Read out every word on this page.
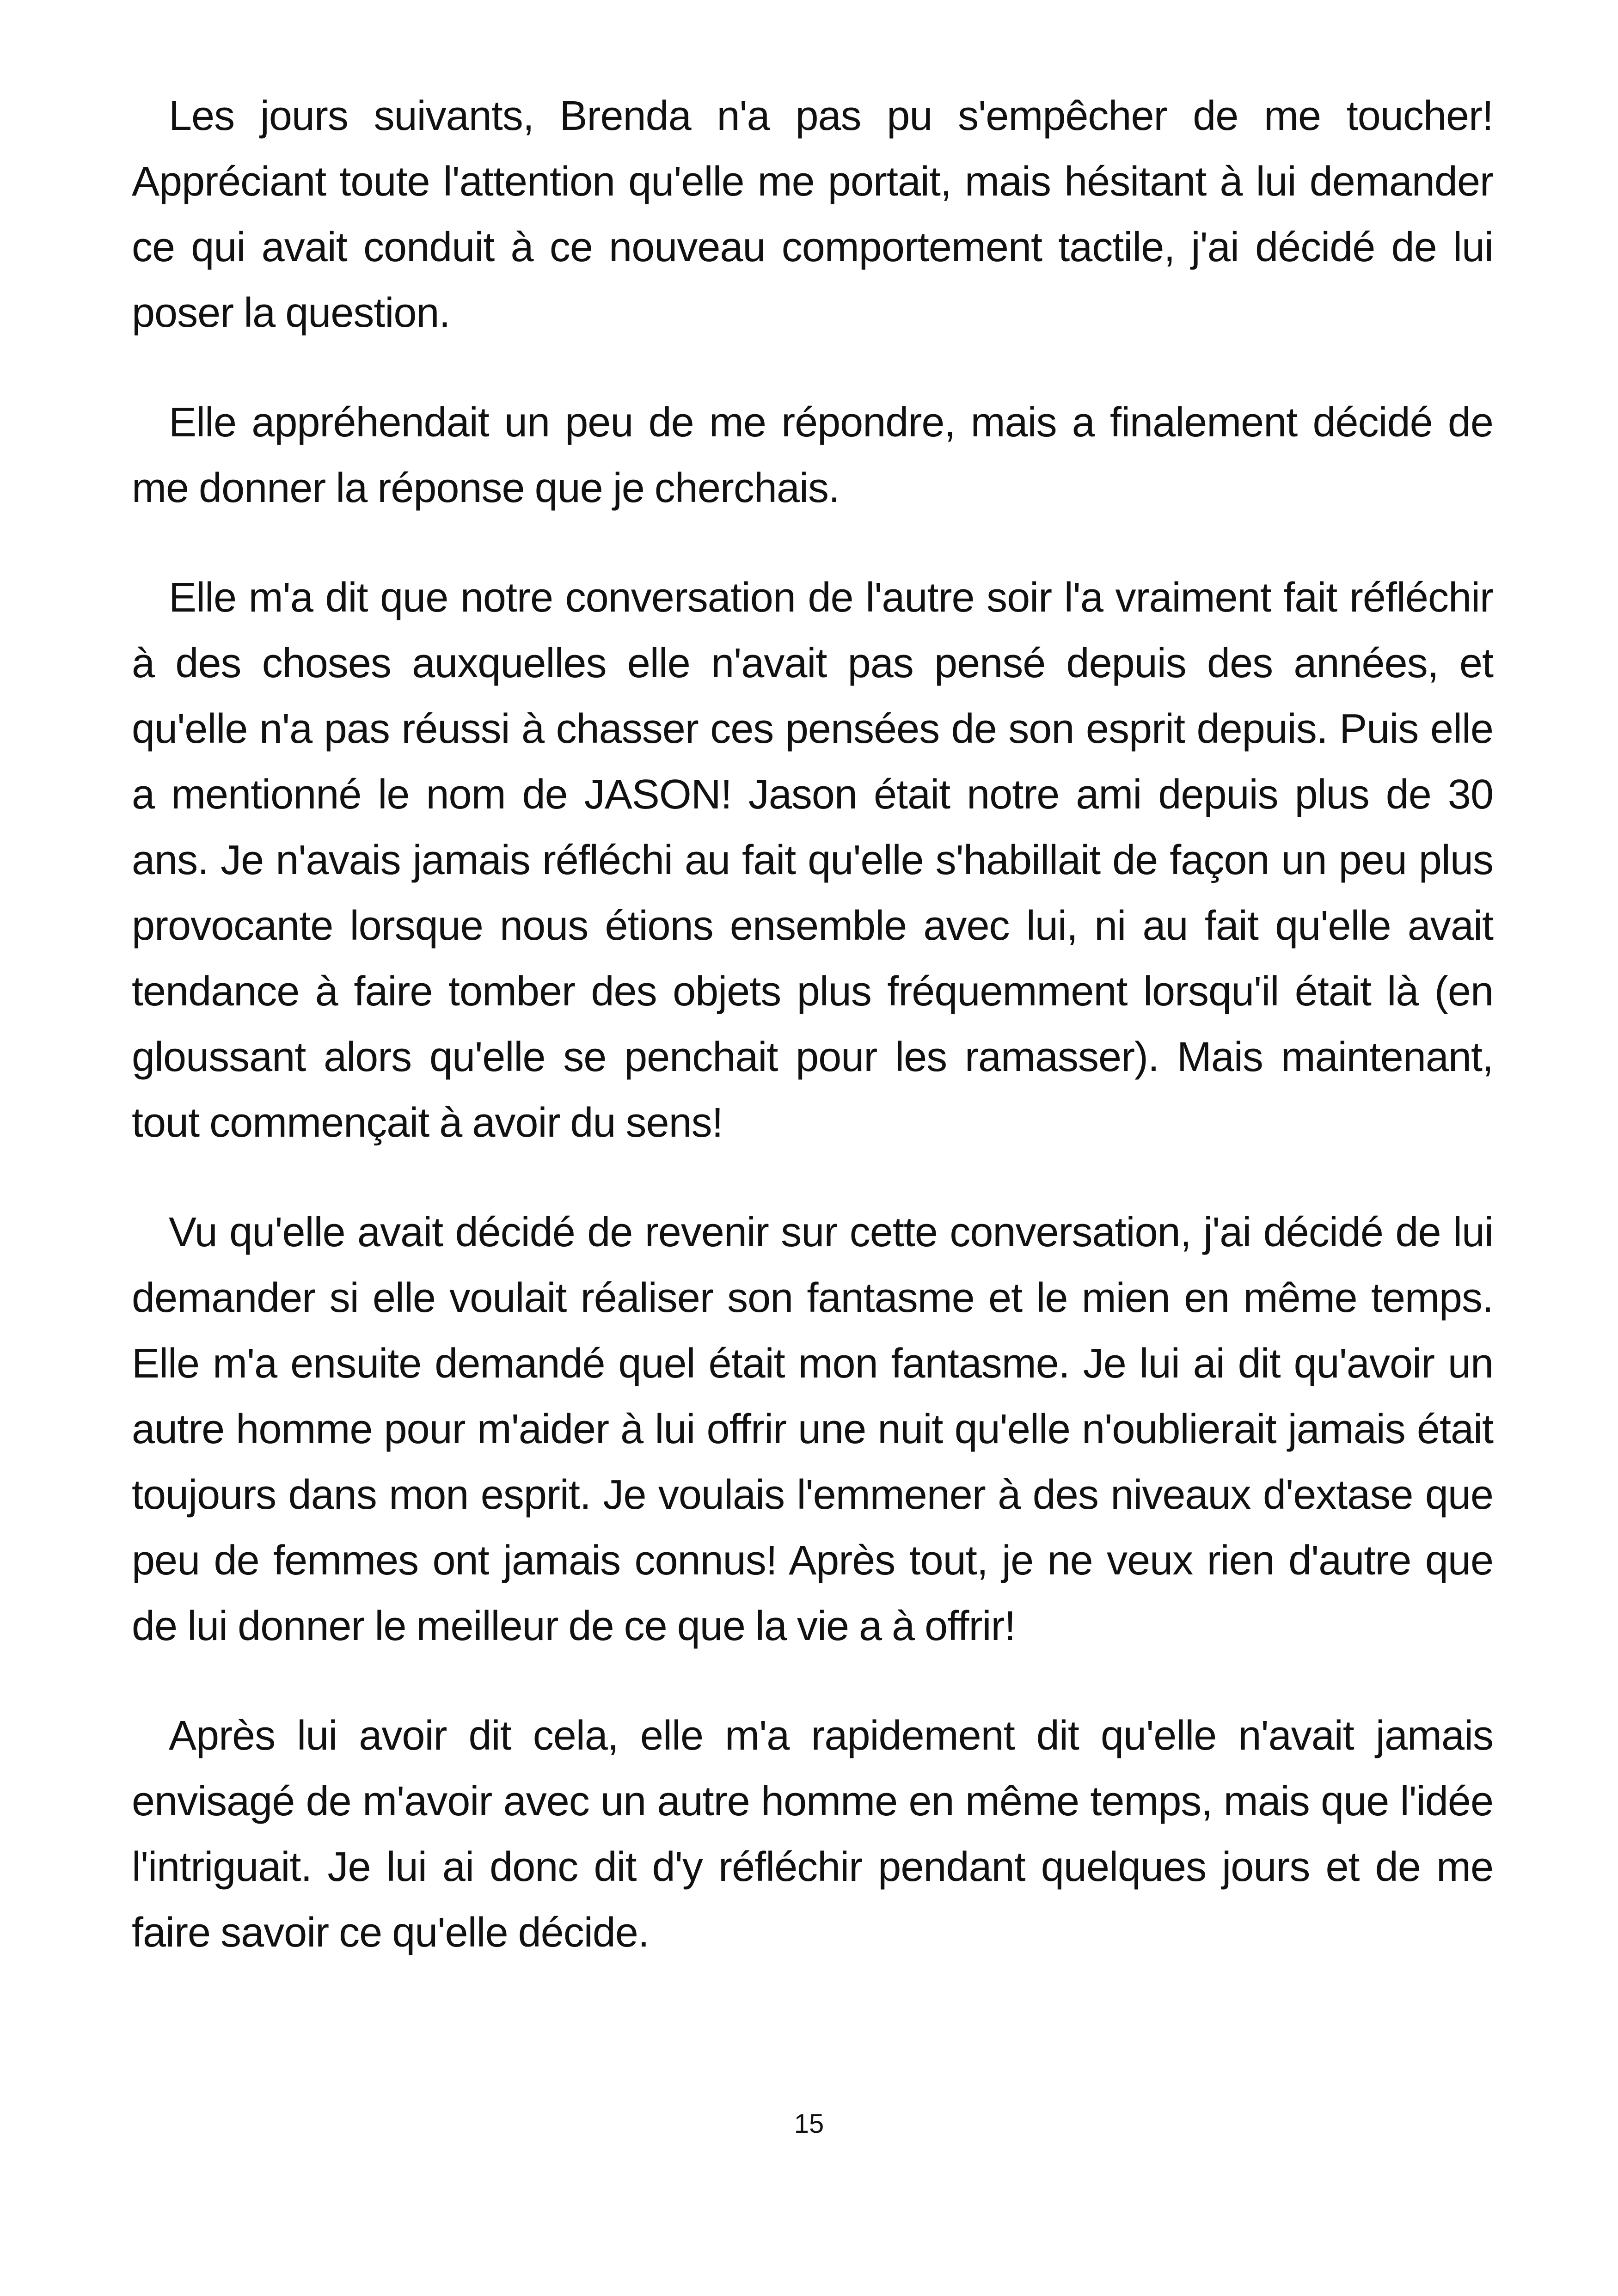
Les jours suivants, Brenda n'a pas pu s'empêcher de me toucher! Appréciant toute l'attention qu'elle me portait, mais hésitant à lui demander ce qui avait conduit à ce nouveau comportement tactile, j'ai décidé de lui poser la question.

Elle appréhendait un peu de me répondre, mais a finalement décidé de me donner la réponse que je cherchais.

Elle m'a dit que notre conversation de l'autre soir l'a vraiment fait réfléchir à des choses auxquelles elle n'avait pas pensé depuis des années, et qu'elle n'a pas réussi à chasser ces pensées de son esprit depuis. Puis elle a mentionné le nom de JASON! Jason était notre ami depuis plus de 30 ans. Je n'avais jamais réfléchi au fait qu'elle s'habillait de façon un peu plus provocante lorsque nous étions ensemble avec lui, ni au fait qu'elle avait tendance à faire tomber des objets plus fréquemment lorsqu'il était là (en gloussant alors qu'elle se penchait pour les ramasser). Mais maintenant, tout commençait à avoir du sens!

Vu qu'elle avait décidé de revenir sur cette conversation, j'ai décidé de lui demander si elle voulait réaliser son fantasme et le mien en même temps. Elle m'a ensuite demandé quel était mon fantasme. Je lui ai dit qu'avoir un autre homme pour m'aider à lui offrir une nuit qu'elle n'oublierait jamais était toujours dans mon esprit. Je voulais l'emmener à des niveaux d'extase que peu de femmes ont jamais connus! Après tout, je ne veux rien d'autre que de lui donner le meilleur de ce que la vie a à offrir!

Après lui avoir dit cela, elle m'a rapidement dit qu'elle n'avait jamais envisagé de m'avoir avec un autre homme en même temps, mais que l'idée l'intriguait. Je lui ai donc dit d'y réfléchir pendant quelques jours et de me faire savoir ce qu'elle décide.

15
